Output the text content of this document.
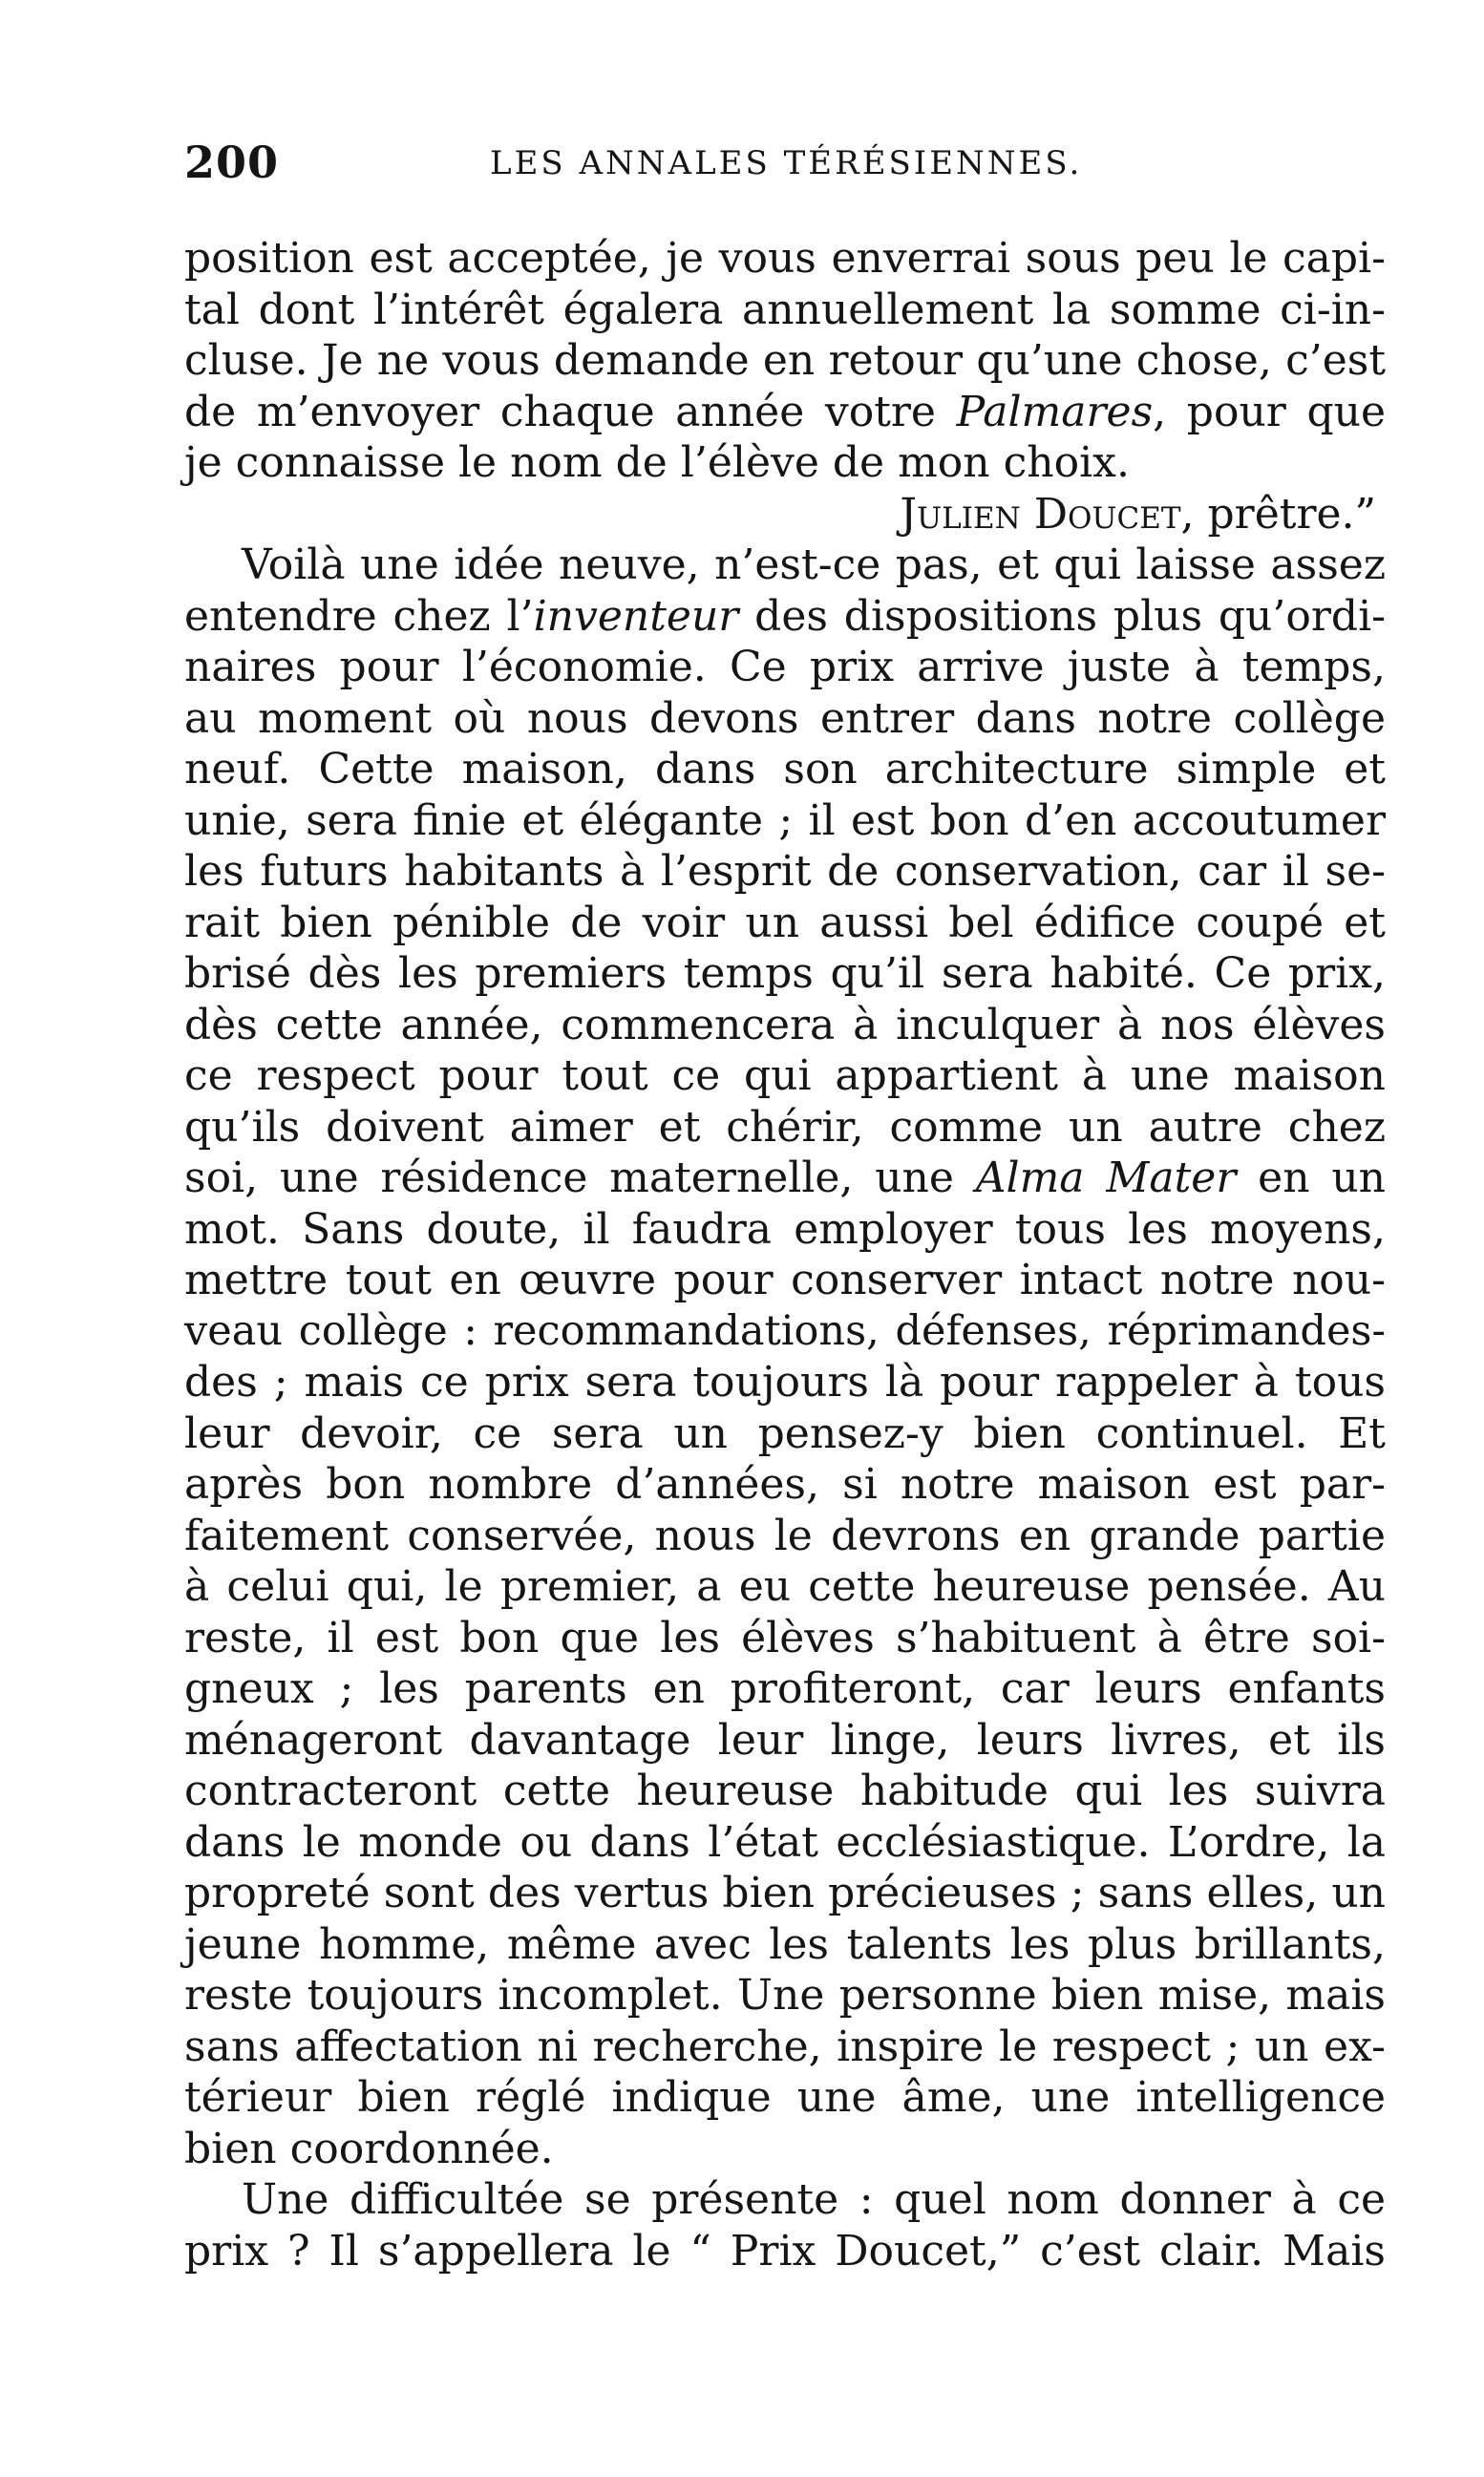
200	LES ANNALES TÉRÉSIENNES.
position est acceptée, je vous enverrai sous peu le capi-
tal dont l’intérêt égalera annuellement la somme ci-in-
cluse. Je ne vous demande en retour qu’une chose, c’est
de m’envoyer chaque année votre Palmares, pour que
je connaisse le nom de l’élève de mon choix.
Julien Doucet, prêtre.”
Voilà une idée neuve, n’est-ce pas, et qui laisse assez
entendre chez l’inventeur des dispositions plus qu’ordi-
naires pour l’économie. Ce prix arrive juste à temps,
au moment où nous devons entrer dans notre collège
neuf. Cette maison, dans son architecture simple et
unie, sera finie et élégante ; il est bon d’en accoutumer
les futurs habitants à l’esprit de conservation, car il se-
rait bien pénible de voir un aussi bel édifice coupé et
brisé dès les premiers temps qu’il sera habité. Ce prix,
dès cette année, commencera à inculquer à nos élèves
ce respect pour tout ce qui appartient à une maison
qu’ils doivent aimer et chérir, comme un autre chez
soi, une résidence maternelle, une Alma Mater en un
mot. Sans doute, il faudra employer tous les moyens,
mettre tout en œuvre pour conserver intact notre nou-
veau collège : recommandations, défenses, réprimandes-
des ; mais ce prix sera toujours là pour rappeler à tous
leur devoir, ce sera un pensez-y bien continuel. Et
après bon nombre d’années, si notre maison est par-
faitement conservée, nous le devrons en grande partie
à celui qui, le premier, a eu cette heureuse pensée. Au
reste, il est bon que les élèves s’habituent à être soi-
gneux ; les parents en profiteront, car leurs enfants
ménageront davantage leur linge, leurs livres, et ils
contracteront cette heureuse habitude qui les suivra
dans le monde ou dans l’état ecclésiastique. L’ordre, la
propreté sont des vertus bien précieuses ; sans elles, un
jeune homme, même avec les talents les plus brillants,
reste toujours incomplet. Une personne bien mise, mais
sans affectation ni recherche, inspire le respect ; un ex-
térieur bien réglé indique une âme, une intelligence
bien coordonnée.
Une difficultée se présente : quel nom donner à ce
prix ? Il s’appellera le “ Prix Doucet,” c’est clair. Mais
